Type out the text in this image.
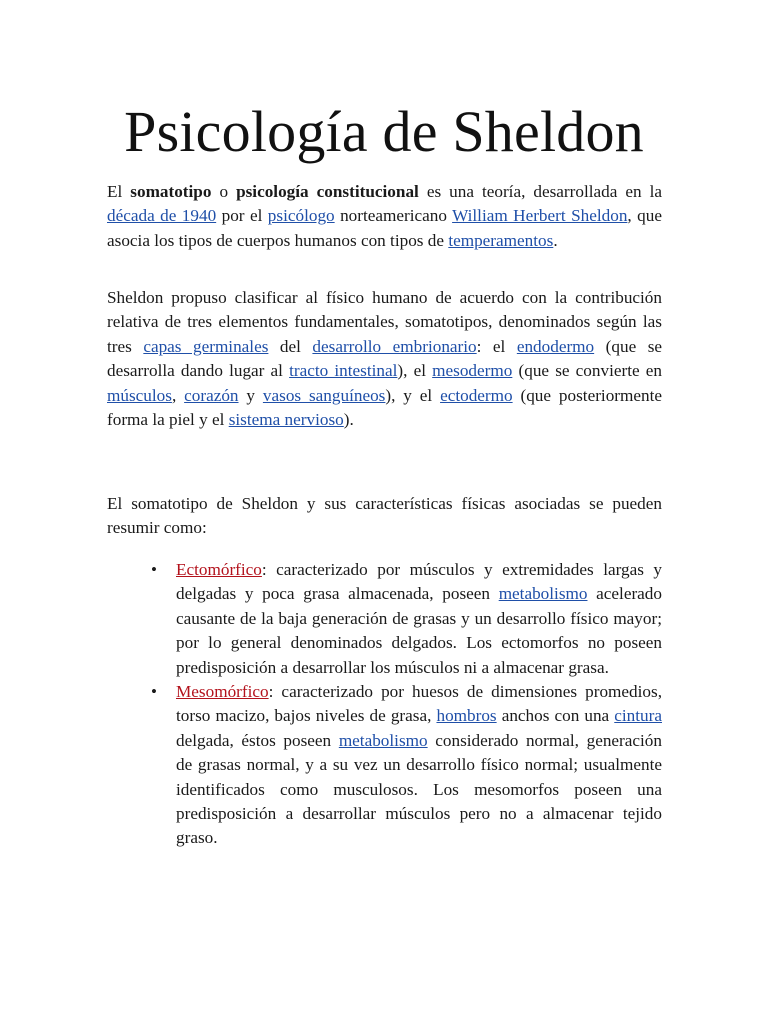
Psicología de Sheldon

El somatotipo o psicología constitucional es una teoría, desarrollada en la década de 1940 por el psicólogo norteamericano William Herbert Sheldon, que asocia los tipos de cuerpos humanos con tipos de temperamentos.

Sheldon propuso clasificar al físico humano de acuerdo con la contribución relativa de tres elementos fundamentales, somatotipos, denominados según las tres capas germinales del desarrollo embrionario: el endodermo (que se desarrolla dando lugar al tracto intestinal), el mesodermo (que se convierte en músculos, corazón y vasos sanguíneos), y el ectodermo (que posteriormente forma la piel y el sistema nervioso).

El somatotipo de Sheldon y sus características físicas asociadas se pueden resumir como:

• Ectomórfico: caracterizado por músculos y extremidades largas y delgadas y poca grasa almacenada, poseen metabolismo acelerado causante de la baja generación de grasas y un desarrollo físico mayor; por lo general denominados delgados. Los ectomorfos no poseen predisposición a desarrollar los músculos ni a almacenar grasa.
• Mesomórfico: caracterizado por huesos de dimensiones promedios, torso macizo, bajos niveles de grasa, hombros anchos con una cintura delgada, éstos poseen metabolismo considerado normal, generación de grasas normal, y a su vez un desarrollo físico normal; usualmente identificados como musculosos. Los mesomorfos poseen una predisposición a desarrollar músculos pero no a almacenar tejido graso.
